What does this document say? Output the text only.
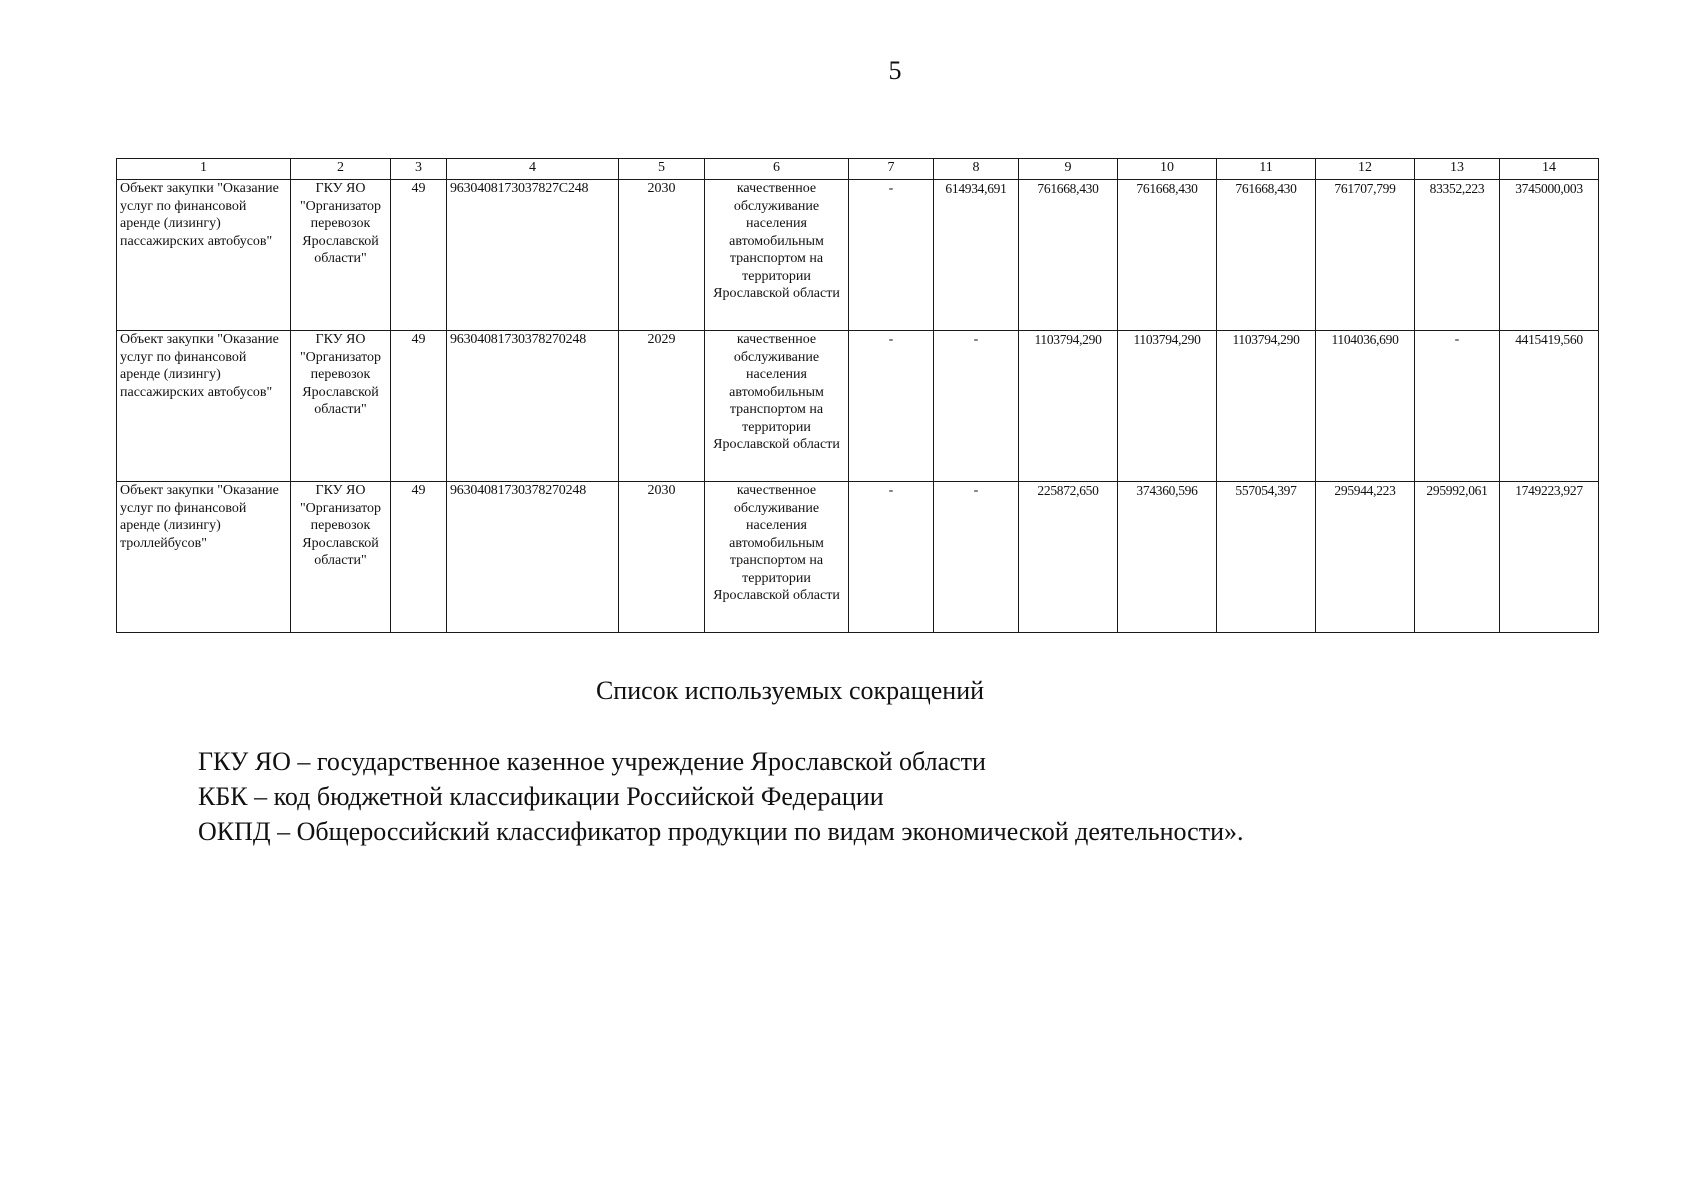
5
1	2	3	4	5	6	7	8	9	10	11	12	13	14
Объект закупки "Оказание услуг по финансовой аренде (лизингу) пассажирских автобусов"	ГКУ ЯО "Организатор перевозок Ярославской области"	49	9630408173037827C248	2030	качественное обслуживание населения автомобильным транспортом на территории Ярославской области	-	614934,691	761668,430	761668,430	761668,430	761707,799	83352,223	3745000,003
Объект закупки "Оказание услуг по финансовой аренде (лизингу) пассажирских автобусов"	ГКУ ЯО "Организатор перевозок Ярославской области"	49	96304081730378270248	2029	качественное обслуживание населения автомобильным транспортом на территории Ярославской области	-	-	1103794,290	1103794,290	1103794,290	1104036,690	-	4415419,560
Объект закупки "Оказание услуг по финансовой аренде (лизингу) троллейбусов"	ГКУ ЯО "Организатор перевозок Ярославской области"	49	96304081730378270248	2030	качественное обслуживание населения автомобильным транспортом на территории Ярославской области	-	-	225872,650	374360,596	557054,397	295944,223	295992,061	1749223,927
Список используемых сокращений
ГКУ ЯО – государственное казенное учреждение Ярославской области
КБК – код бюджетной классификации Российской Федерации
ОКПД – Общероссийский классификатор продукции по видам экономической деятельности».
